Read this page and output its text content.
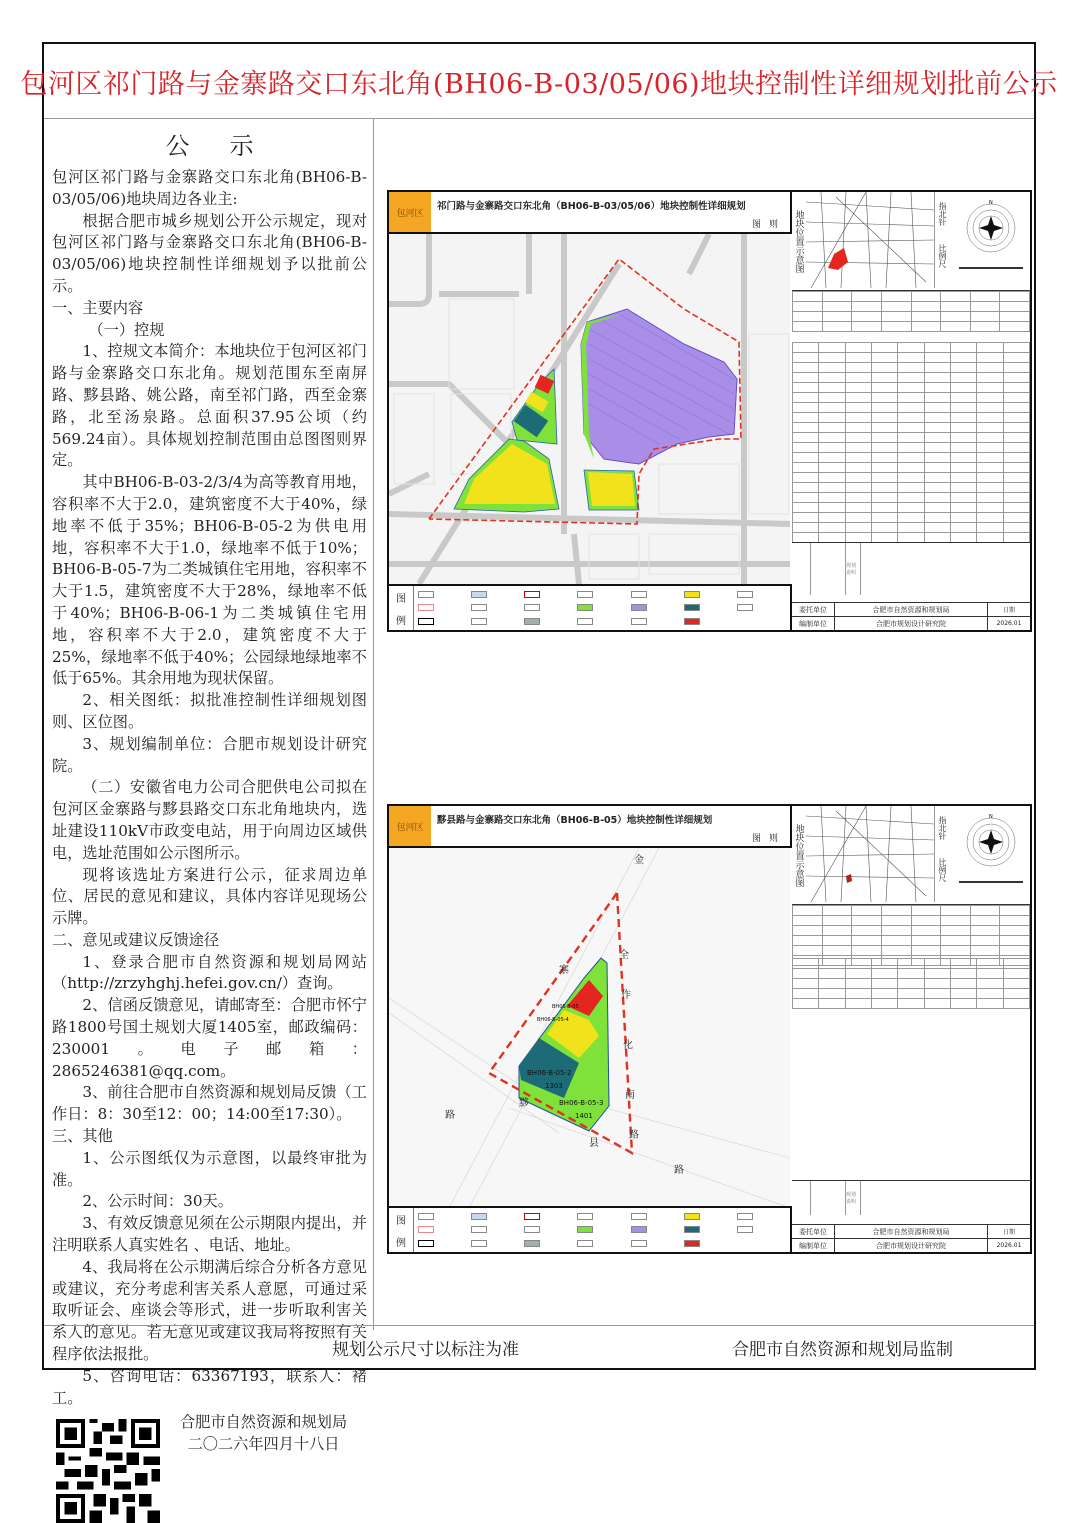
包河区祁门路与金寨路交口东北角(BH06-B-03/05/06)地块控制性详细规划批前公示
公示

包河区祁门路与金寨路交口东北角(BH06-B-03/05/06)地块周边各业主:

根据合肥市城乡规划公开公示规定，现对包河区祁门路与金寨路交口东北角(BH06-B-03/05/06)地块控制性详细规划予以批前公示。

一、主要内容

（一）控规

1、控规文本简介：本地块位于包河区祁门路与金寨路交口东北角。规划范围东至南屏路、黟县路、姚公路，南至祁门路，西至金寨路，北至汤泉路。总面积37.95公顷（约569.24亩）。具体规划控制范围由总图图则界定。

其中BH06-B-03-2/3/4为高等教育用地，容积率不大于2.0，建筑密度不大于40%，绿地率不低于35%；BH06-B-05-2为供电用地，容积率不大于1.0，绿地率不低于10%；BH06-B-05-7为二类城镇住宅用地，容积率不大于1.5，建筑密度不大于28%，绿地率不低于40%；BH06-B-06-1为二类城镇住宅用地，容积率不大于2.0，建筑密度不大于25%，绿地率不低于40%；公园绿地绿地率不低于65%。其余用地为现状保留。

2、相关图纸：拟批准控制性详细规划图则、区位图。

3、规划编制单位：合肥市规划设计研究院。

（二）安徽省电力公司合肥供电公司拟在包河区金寨路与黟县路交口东北角地块内，选址建设110kV市政变电站，用于向周边区域供电，选址范围如公示图所示。

现将该选址方案进行公示，征求周边单位、居民的意见和建议，具体内容详见现场公示牌。

二、意见或建议反馈途径

1、登录合肥市自然资源和规划局网站（http://zrzyhghj.hefei.gov.cn/）查询。

2、信函反馈意见，请邮寄至：合肥市怀宁路1800号国土规划大厦1405室，邮政编码：230001。电子邮箱：2865246381@qq.com。

3、前往合肥市自然资源和规划局反馈（工作日：8：30至12：00；14:00至17:30）。

三、其他

1、公示图纸仅为示意图，以最终审批为准。

2、公示时间：30天。

3、有效反馈意见须在公示期限内提出，并注明联系人真实姓名 、电话、地址。

4、我局将在公示期满后综合分析各方意见或建议，充分考虑利害关系人意愿，可通过采取听证会、座谈会等形式，进一步听取利害关系人的意见。若无意见或建议我局将按照有关程序依法报批。

5、咨询电话：63367193，联系人：褚工。

合肥市自然资源和规划局
二〇二六年四月十八日
包河区
祁门路与金寨路交口东北角（BH06-B-03/05/06）地块控制性详细规划
图则
图
例
地块位置示意图	指北针
比例尺
N

规划说明
委托单位	合肥市自然资源和规划局	日期
编制单位	合肥市规划设计研究院	2026.01
包河区
黟县路与金寨路交口东北角（BH06-B-05）地块控制性详细规划
图则
BH06-B-05-2
1303
BH06-B-05-3
1401
BH06-B-05
BH06-B-05-4
金
寨
路
全
作
化
南
路
黟
县
路
图
例
地块位置示意图	指北针
比例尺
N

规划说明
委托单位	合肥市自然资源和规划局	日期
编制单位	合肥市规划设计研究院	2026.01
规划公示尺寸以标注为准	合肥市自然资源和规划局监制
